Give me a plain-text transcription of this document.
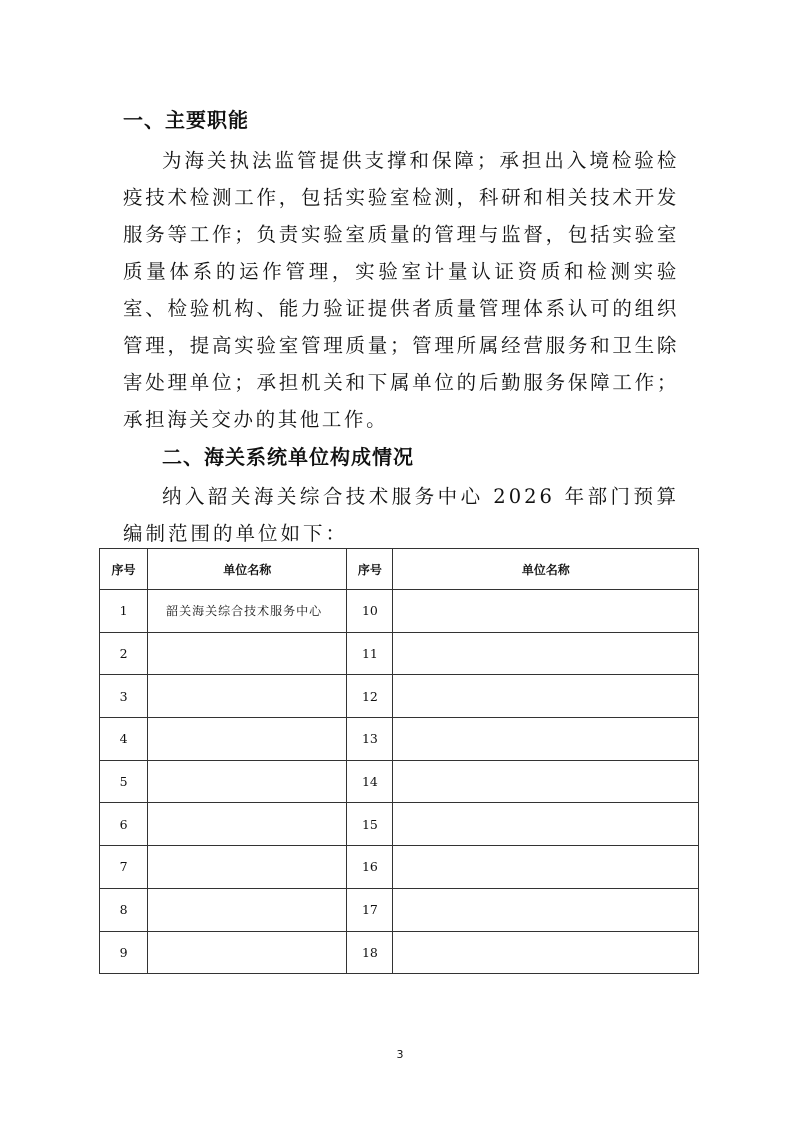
一、主要职能
为海关执法监管提供支撑和保障；承担出入境检验检疫技术检测工作，包括实验室检测，科研和相关技术开发服务等工作；负责实验室质量的管理与监督，包括实验室质量体系的运作管理，实验室计量认证资质和检测实验室、检验机构、能力验证提供者质量管理体系认可的组织管理，提高实验室管理质量；管理所属经营服务和卫生除害处理单位；承担机关和下属单位的后勤服务保障工作；承担海关交办的其他工作。
二、海关系统单位构成情况
纳入韶关海关综合技术服务中心 2026 年部门预算编制范围的单位如下：
序号	单位名称	序号	单位名称
1	韶关海关综合技术服务中心	10	
2		11	
3		12	
4		13	
5		14	
6		15	
7		16	
8		17	
9		18	
3
